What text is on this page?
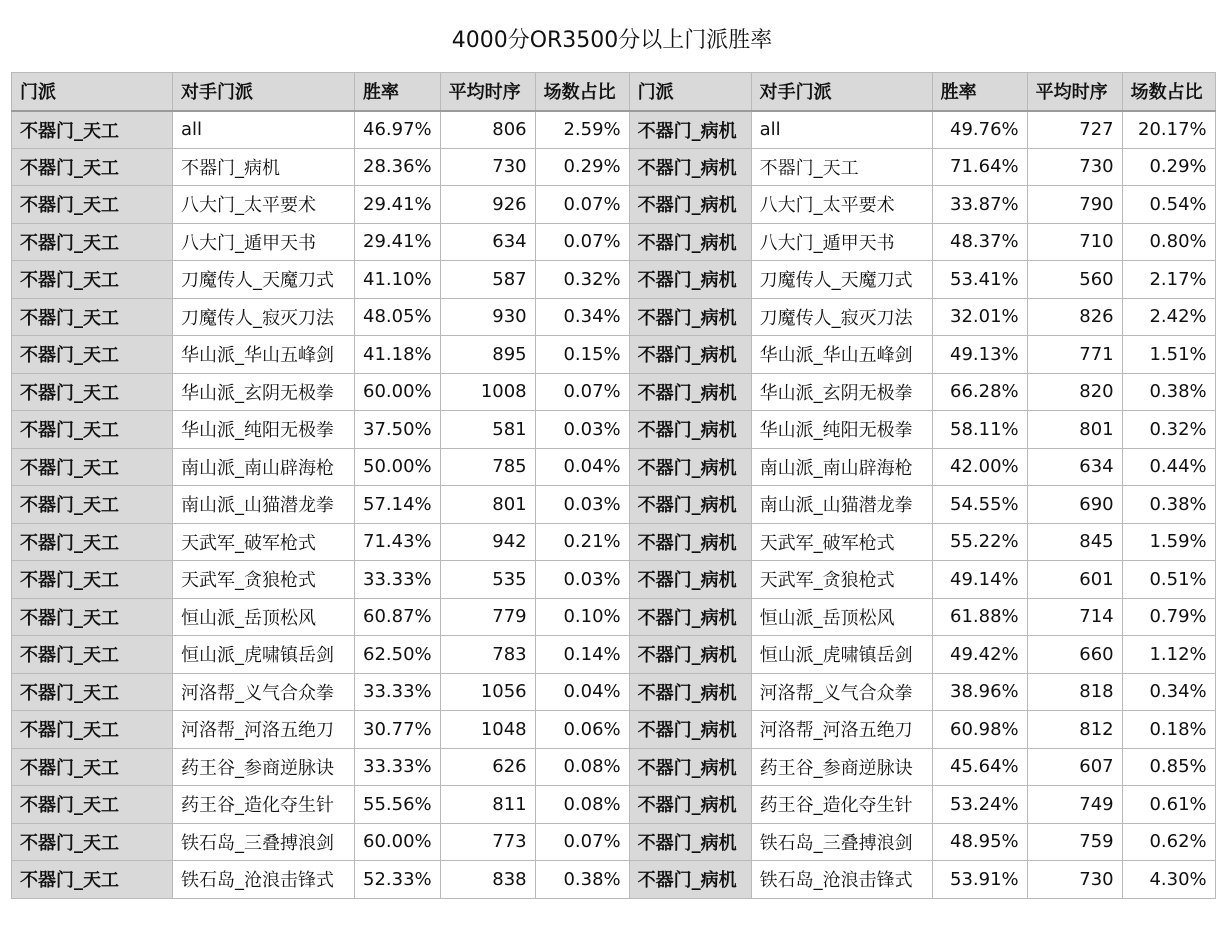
4000分OR3500分以上门派胜率
门派	对手门派	胜率	平均时序	场数占比	门派	对手门派	胜率	平均时序	场数占比
不器门_天工	all	46.97%	806	2.59%	不器门_病机	all	49.76%	727	20.17%
不器门_天工	不器门_病机	28.36%	730	0.29%	不器门_病机	不器门_天工	71.64%	730	0.29%
不器门_天工	八大门_太平要术	29.41%	926	0.07%	不器门_病机	八大门_太平要术	33.87%	790	0.54%
不器门_天工	八大门_遁甲天书	29.41%	634	0.07%	不器门_病机	八大门_遁甲天书	48.37%	710	0.80%
不器门_天工	刀魔传人_天魔刀式	41.10%	587	0.32%	不器门_病机	刀魔传人_天魔刀式	53.41%	560	2.17%
不器门_天工	刀魔传人_寂灭刀法	48.05%	930	0.34%	不器门_病机	刀魔传人_寂灭刀法	32.01%	826	2.42%
不器门_天工	华山派_华山五峰剑	41.18%	895	0.15%	不器门_病机	华山派_华山五峰剑	49.13%	771	1.51%
不器门_天工	华山派_玄阴无极拳	60.00%	1008	0.07%	不器门_病机	华山派_玄阴无极拳	66.28%	820	0.38%
不器门_天工	华山派_纯阳无极拳	37.50%	581	0.03%	不器门_病机	华山派_纯阳无极拳	58.11%	801	0.32%
不器门_天工	南山派_南山辟海枪	50.00%	785	0.04%	不器门_病机	南山派_南山辟海枪	42.00%	634	0.44%
不器门_天工	南山派_山猫潜龙拳	57.14%	801	0.03%	不器门_病机	南山派_山猫潜龙拳	54.55%	690	0.38%
不器门_天工	天武军_破军枪式	71.43%	942	0.21%	不器门_病机	天武军_破军枪式	55.22%	845	1.59%
不器门_天工	天武军_贪狼枪式	33.33%	535	0.03%	不器门_病机	天武军_贪狼枪式	49.14%	601	0.51%
不器门_天工	恒山派_岳顶松风	60.87%	779	0.10%	不器门_病机	恒山派_岳顶松风	61.88%	714	0.79%
不器门_天工	恒山派_虎啸镇岳剑	62.50%	783	0.14%	不器门_病机	恒山派_虎啸镇岳剑	49.42%	660	1.12%
不器门_天工	河洛帮_义气合众拳	33.33%	1056	0.04%	不器门_病机	河洛帮_义气合众拳	38.96%	818	0.34%
不器门_天工	河洛帮_河洛五绝刀	30.77%	1048	0.06%	不器门_病机	河洛帮_河洛五绝刀	60.98%	812	0.18%
不器门_天工	药王谷_参商逆脉诀	33.33%	626	0.08%	不器门_病机	药王谷_参商逆脉诀	45.64%	607	0.85%
不器门_天工	药王谷_造化夺生针	55.56%	811	0.08%	不器门_病机	药王谷_造化夺生针	53.24%	749	0.61%
不器门_天工	铁石岛_三叠搏浪剑	60.00%	773	0.07%	不器门_病机	铁石岛_三叠搏浪剑	48.95%	759	0.62%
不器门_天工	铁石岛_沧浪击锋式	52.33%	838	0.38%	不器门_病机	铁石岛_沧浪击锋式	53.91%	730	4.30%
